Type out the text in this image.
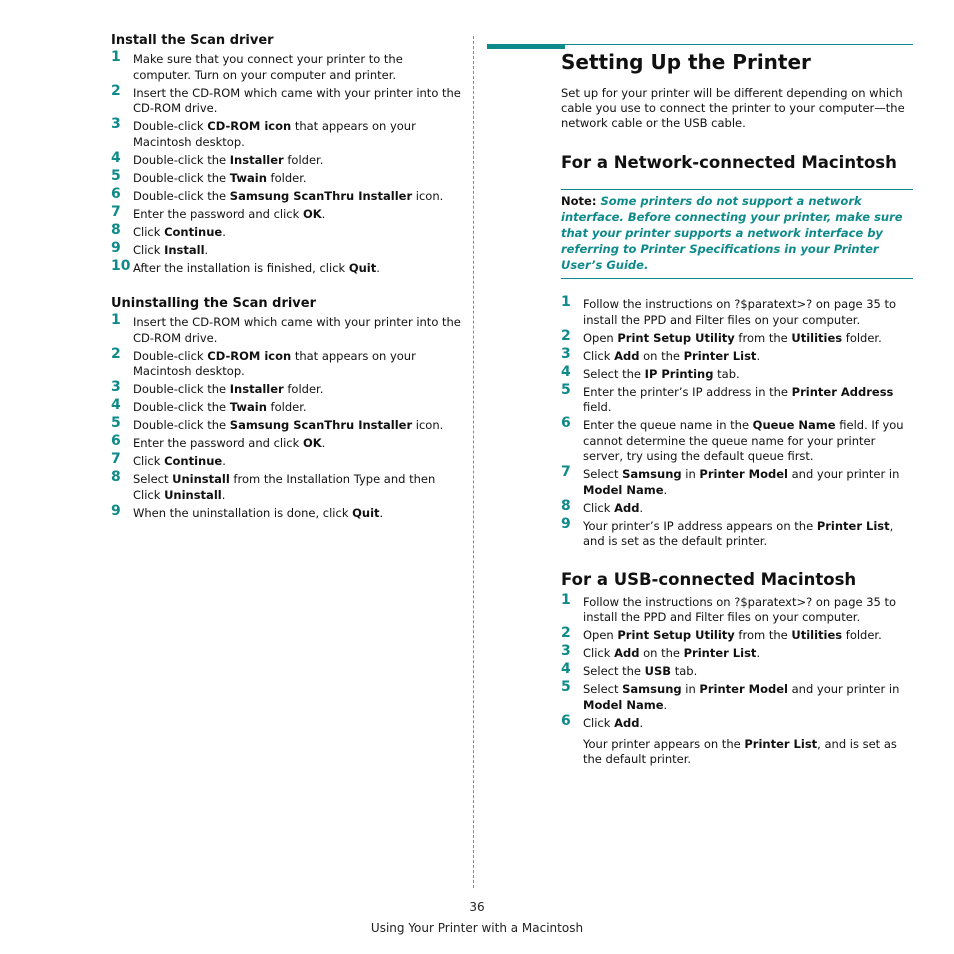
Install the Scan driver
1 Make sure that you connect your printer to the computer. Turn on your computer and printer.
2 Insert the CD-ROM which came with your printer into the CD-ROM drive.
3 Double-click CD-ROM icon that appears on your Macintosh desktop.
4 Double-click the Installer folder.
5 Double-click the Twain folder.
6 Double-click the Samsung ScanThru Installer icon.
7 Enter the password and click OK.
8 Click Continue.
9 Click Install.
10 After the installation is finished, click Quit.
Uninstalling the Scan driver
1 Insert the CD-ROM which came with your printer into the CD-ROM drive.
2 Double-click CD-ROM icon that appears on your Macintosh desktop.
3 Double-click the Installer folder.
4 Double-click the Twain folder.
5 Double-click the Samsung ScanThru Installer icon.
6 Enter the password and click OK.
7 Click Continue.
8 Select Uninstall from the Installation Type and then Click Uninstall.
9 When the uninstallation is done, click Quit.
Setting Up the Printer

Set up for your printer will be different depending on which cable you use to connect the printer to your computer—the network cable or the USB cable.

For a Network-connected Macintosh
Note: Some printers do not support a network interface. Before connecting your printer, make sure that your printer supports a network interface by referring to Printer Specifications in your Printer User’s Guide.
1 Follow the instructions on ?$paratext>? on page 35 to install the PPD and Filter files on your computer.
2 Open Print Setup Utility from the Utilities folder.
3 Click Add on the Printer List.
4 Select the IP Printing tab.
5 Enter the printer’s IP address in the Printer Address field.
6 Enter the queue name in the Queue Name field. If you cannot determine the queue name for your printer server, try using the default queue first.
7 Select Samsung in Printer Model and your printer in Model Name.
8 Click Add.
9 Your printer’s IP address appears on the Printer List, and is set as the default printer.
For a USB-connected Macintosh
1 Follow the instructions on ?$paratext>? on page 35 to install the PPD and Filter files on your computer.
2 Open Print Setup Utility from the Utilities folder.
3 Click Add on the Printer List.
4 Select the USB tab.
5 Select Samsung in Printer Model and your printer in Model Name.
6 Click Add.

Your printer appears on the Printer List, and is set as the default printer.

36
Using Your Printer with a Macintosh
